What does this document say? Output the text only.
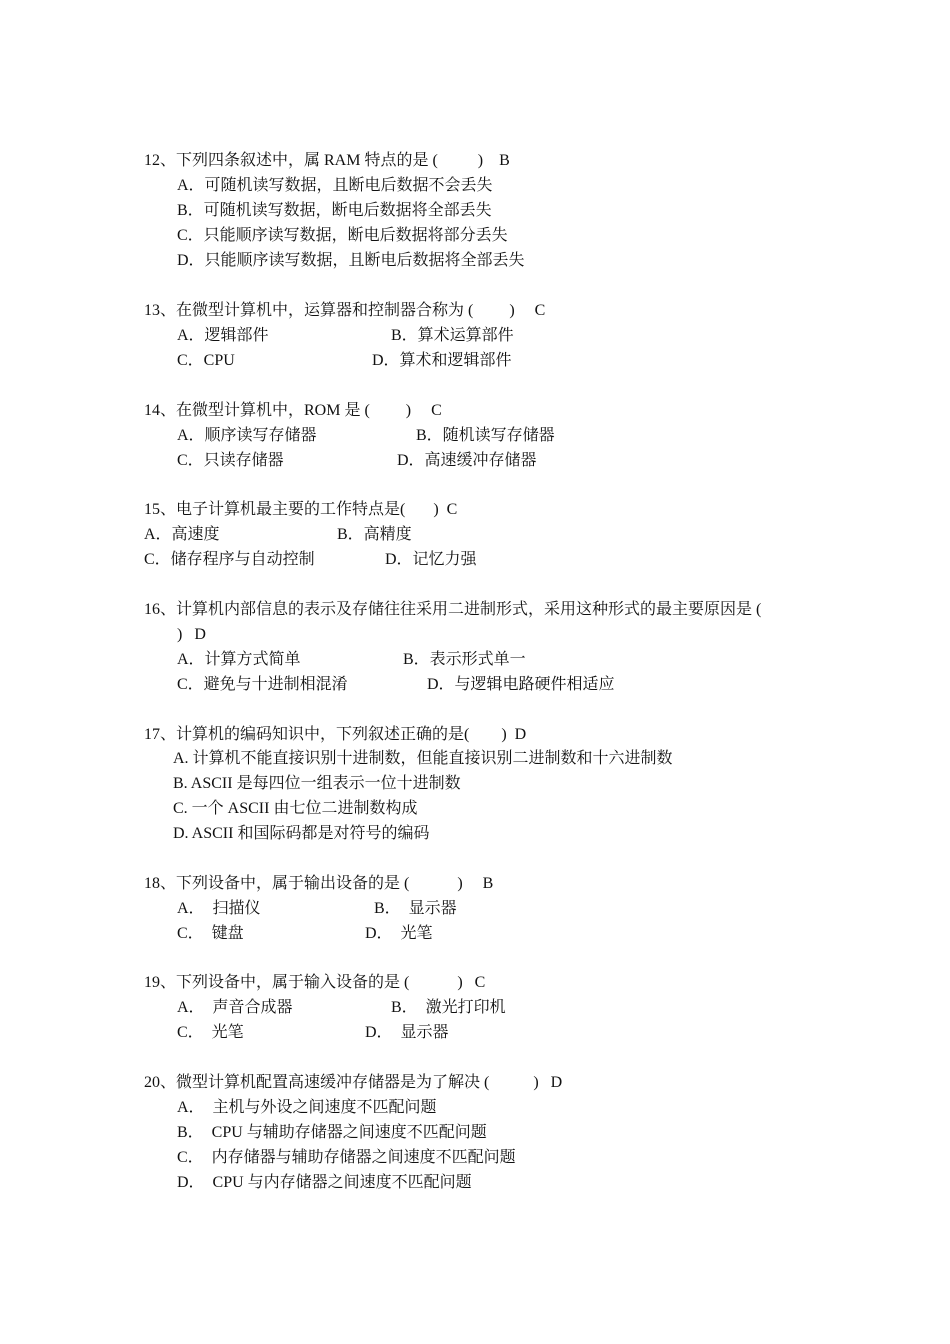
12、下列四条叙述中，属 RAM 特点的是 (          )    B
A．可随机读写数据，且断电后数据不会丢失
B．可随机读写数据，断电后数据将全部丢失
C．只能顺序读写数据，断电后数据将部分丢失
D．只能顺序读写数据，且断电后数据将全部丢失
13、在微型计算机中，运算器和控制器合称为 (         )     C
A．逻辑部件	B．算术运算部件
C．CPU	D．算术和逻辑部件
14、在微型计算机中，ROM 是 (         )     C
A．顺序读写存储器	B．随机读写存储器
C．只读存储器	D．高速缓冲存储器
15、电子计算机最主要的工作特点是(       )  C
A．高速度	B．高精度
C．储存程序与自动控制	D．记忆力强
16、计算机内部信息的表示及存储往往采用二进制形式，采用这种形式的最主要原因是 (
)   D
A．计算方式简单	B．表示形式单一
C．避免与十进制相混淆	D．与逻辑电路硬件相适应
17、计算机的编码知识中，下列叙述正确的是(        )  D
A. 计算机不能直接识别十进制数，但能直接识别二进制数和十六进制数
B. ASCII 是每四位一组表示一位十进制数
C. 一个 ASCII 由七位二进制数构成
D. ASCII 和国际码都是对符号的编码
18、下列设备中，属于输出设备的是 (            )     B
A．  扫描仪	B．  显示器
C．  键盘	D．  光笔
19、下列设备中，属于输入设备的是 (            )   C
A．  声音合成器	B．  激光打印机
C．  光笔	D．  显示器
20、微型计算机配置高速缓冲存储器是为了解决 (           )   D
A．  主机与外设之间速度不匹配问题
B．  CPU 与辅助存储器之间速度不匹配问题
C．  内存储器与辅助存储器之间速度不匹配问题
D．  CPU 与内存储器之间速度不匹配问题
